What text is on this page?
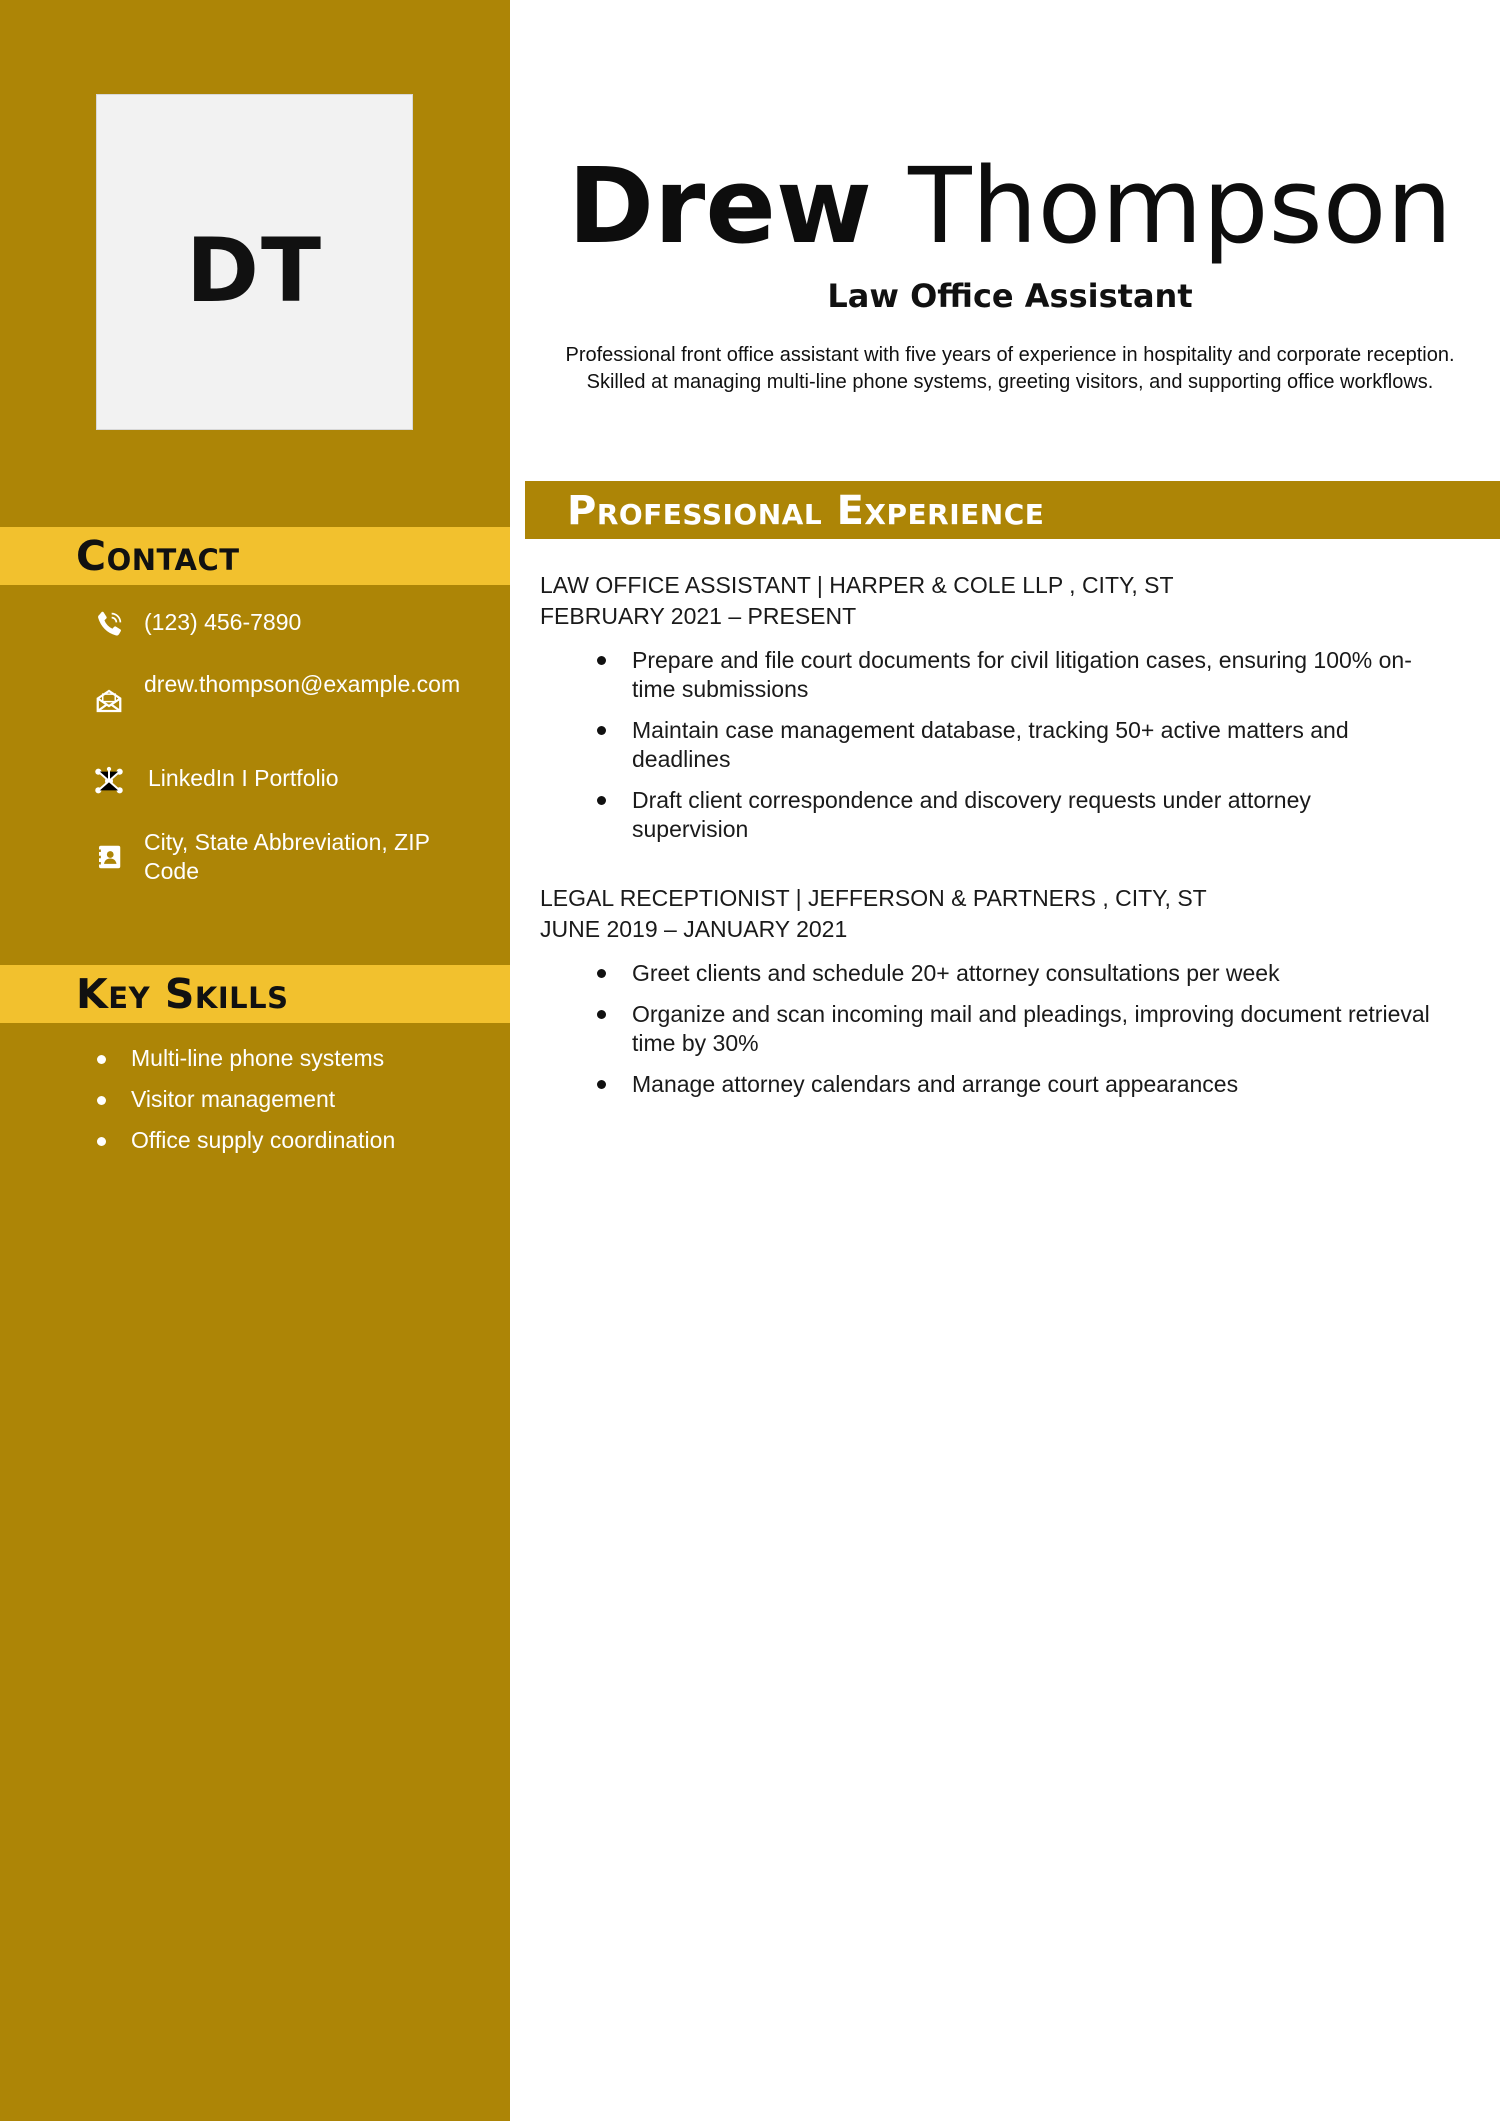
DT
Contact
(123) 456-7890
drew.thompson@example.com
LinkedIn I Portfolio
City, State Abbreviation, ZIP Code
Key Skills
Multi-line phone systems
Visitor management
Office supply coordination
Drew Thompson
Law Office Assistant

Professional front office assistant with five years of experience in hospitality and corporate reception. Skilled at managing multi-line phone systems, greeting visitors, and supporting office workflows.

Professional Experience
LAW OFFICE ASSISTANT | HARPER & COLE LLP , CITY, ST
FEBRUARY 2021 – PRESENT
Prepare and file court documents for civil litigation cases, ensuring 100% on-time submissions
Maintain case management database, tracking 50+ active matters and deadlines
Draft client correspondence and discovery requests under attorney supervision
LEGAL RECEPTIONIST | JEFFERSON & PARTNERS , CITY, ST
JUNE 2019 – JANUARY 2021
Greet clients and schedule 20+ attorney consultations per week
Organize and scan incoming mail and pleadings, improving document retrieval time by 30%
Manage attorney calendars and arrange court appearances
